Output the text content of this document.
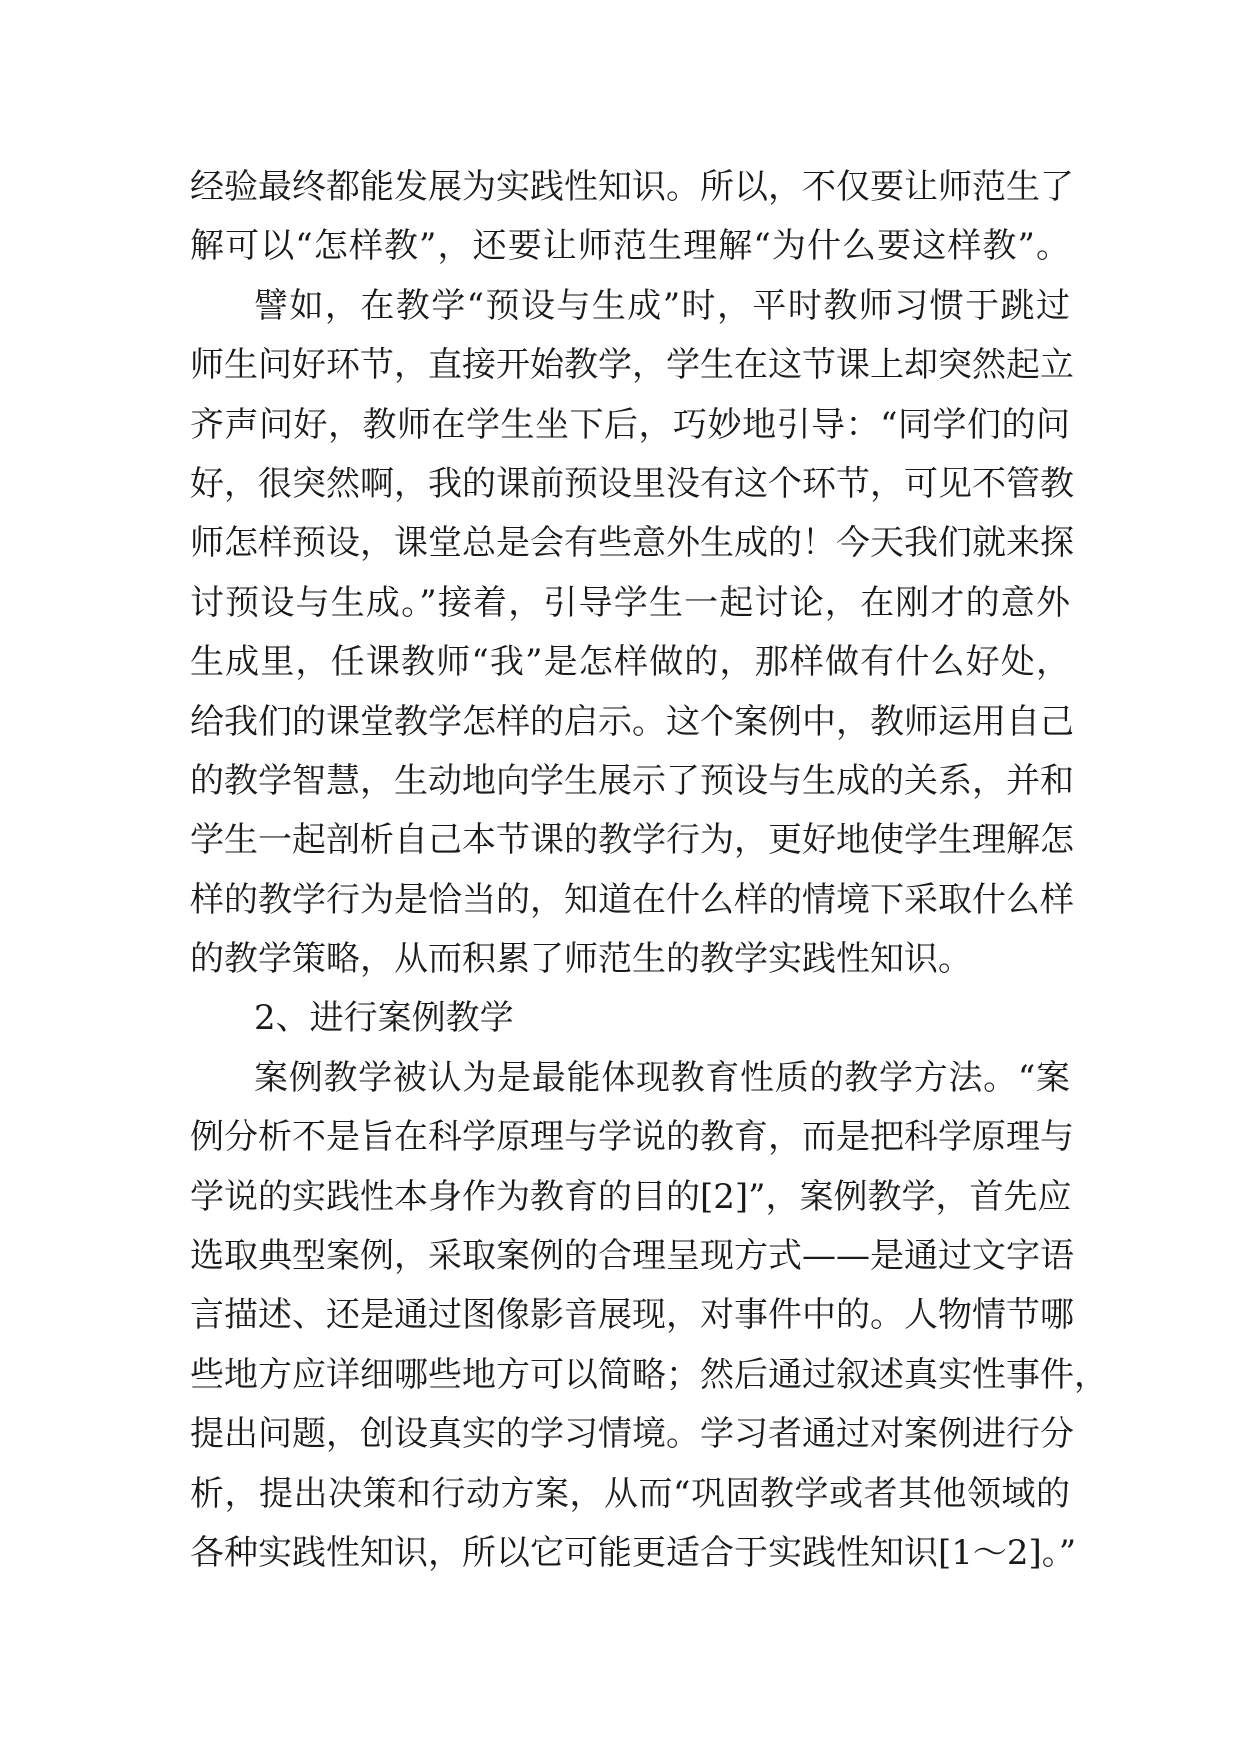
经验最终都能发展为实践性知识。所以，不仅要让师范生了
解可以“怎样教”，还要让师范生理解“为什么要这样教”。
譬如，在教学“预设与生成”时，平时教师习惯于跳过
师生问好环节，直接开始教学，学生在这节课上却突然起立
齐声问好，教师在学生坐下后，巧妙地引导：“同学们的问
好，很突然啊，我的课前预设里没有这个环节，可见不管教
师怎样预设，课堂总是会有些意外生成的！今天我们就来探
讨预设与生成。”接着，引导学生一起讨论，在刚才的意外
生成里，任课教师“我”是怎样做的，那样做有什么好处，
给我们的课堂教学怎样的启示。这个案例中，教师运用自己
的教学智慧，生动地向学生展示了预设与生成的关系，并和
学生一起剖析自己本节课的教学行为，更好地使学生理解怎
样的教学行为是恰当的，知道在什么样的情境下采取什么样
的教学策略，从而积累了师范生的教学实践性知识。
2、进行案例教学
案例教学被认为是最能体现教育性质的教学方法。“案
例分析不是旨在科学原理与学说的教育，而是把科学原理与
学说的实践性本身作为教育的目的[2]”，案例教学，首先应
选取典型案例，采取案例的合理呈现方式——是通过文字语
言描述、还是通过图像影音展现，对事件中的。人物情节哪
些地方应详细哪些地方可以简略；然后通过叙述真实性事件，
提出问题，创设真实的学习情境。学习者通过对案例进行分
析，提出决策和行动方案，从而“巩固教学或者其他领域的
各种实践性知识，所以它可能更适合于实践性知识[1～2]。”
